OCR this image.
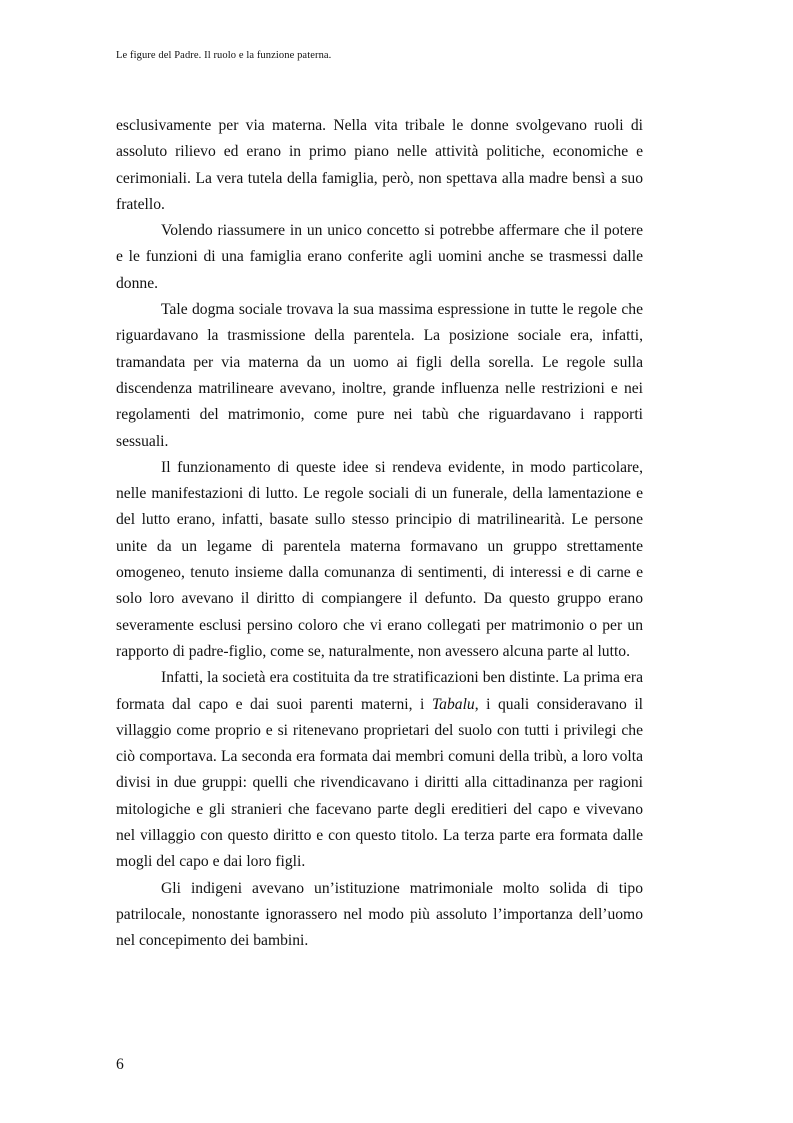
Le figure del Padre. Il ruolo e la funzione paterna.

esclusivamente per via materna. Nella vita tribale le donne svolgevano ruoli di assoluto rilievo ed erano in primo piano nelle attività politiche, economiche e cerimoniali. La vera tutela della famiglia, però, non spettava alla madre bensì a suo fratello.

Volendo riassumere in un unico concetto si potrebbe affermare che il potere e le funzioni di una famiglia erano conferite agli uomini anche se trasmessi dalle donne.

Tale dogma sociale trovava la sua massima espressione in tutte le regole che riguardavano la trasmissione della parentela. La posizione sociale era, infatti, tramandata per via materna da un uomo ai figli della sorella. Le regole sulla discendenza matrilineare avevano, inoltre, grande influenza nelle restrizioni e nei regolamenti del matrimonio, come pure nei tabù che riguardavano i rapporti sessuali.

Il funzionamento di queste idee si rendeva evidente, in modo particolare, nelle manifestazioni di lutto. Le regole sociali di un funerale, della lamentazione e del lutto erano, infatti, basate sullo stesso principio di matrilinearità. Le persone unite da un legame di parentela materna formavano un gruppo strettamente omogeneo, tenuto insieme dalla comunanza di sentimenti, di interessi e di carne e solo loro avevano il diritto di compiangere il defunto. Da questo gruppo erano severamente esclusi persino coloro che vi erano collegati per matrimonio o per un rapporto di padre-figlio, come se, naturalmente, non avessero alcuna parte al lutto.

Infatti, la società era costituita da tre stratificazioni ben distinte. La prima era formata dal capo e dai suoi parenti materni, i Tabalu, i quali consideravano il villaggio come proprio e si ritenevano proprietari del suolo con tutti i privilegi che ciò comportava. La seconda era formata dai membri comuni della tribù, a loro volta divisi in due gruppi: quelli che rivendicavano i diritti alla cittadinanza per ragioni mitologiche e gli stranieri che facevano parte degli ereditieri del capo e vivevano nel villaggio con questo diritto e con questo titolo. La terza parte era formata dalle mogli del capo e dai loro figli.

Gli indigeni avevano un’istituzione matrimoniale molto solida di tipo patrilocale, nonostante ignorassero nel modo più assoluto l’importanza dell’uomo nel concepimento dei bambini.

6
